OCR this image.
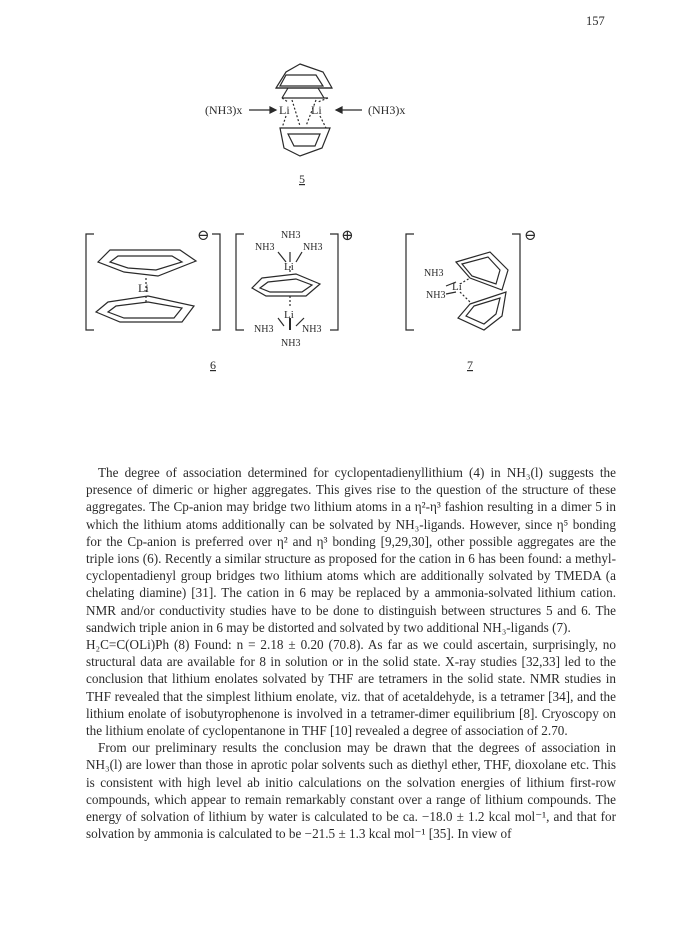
157
(NH3)x	(NH3)x
Li Li
5
Li
⊖	⊕
NH3
NH3	NH3
Li
Li
NH3	NH3
NH3
6
NH3
NH3
Li
⊖
7

The degree of association determined for cyclopentadienyllithium (4) in NH₃(l) suggests the presence of dimeric or higher aggregates. This gives rise to the question of the structure of these aggregates. The Cp-anion may bridge two lithium atoms in a η²-η³ fashion resulting in a dimer 5 in which the lithium atoms additionally can be solvated by NH₃-ligands. However, since η⁵ bonding for the Cp-anion is preferred over η² and η³ bonding [9,29,30], other possible aggregates are the triple ions (6). Recently a similar structure as proposed for the cation in 6 has been found: a methyl-cyclopentadienyl group bridges two lithium atoms which are additionally solvated by TMEDA (a chelating diamine) [31]. The cation in 6 may be replaced by a ammonia-solvated lithium cation. NMR and/or conductivity studies have to be done to distinguish between structures 5 and 6. The sandwich triple anion in 6 may be distorted and solvated by two additional NH₃-ligands (7).

H₂C=C(OLi)Ph (8) Found: n = 2.18 ± 0.20 (70.8). As far as we could ascertain, surprisingly, no structural data are available for 8 in solution or in the solid state. X-ray studies [32,33] led to the conclusion that lithium enolates solvated by THF are tetramers in the solid state. NMR studies in THF revealed that the simplest lithium enolate, viz. that of acetaldehyde, is a tetramer [34], and the lithium enolate of isobutyrophenone is involved in a tetramer-dimer equilibrium [8]. Cryoscopy on the lithium enolate of cyclopentanone in THF [10] revealed a degree of association of 2.70.

From our preliminary results the conclusion may be drawn that the degrees of association in NH₃(l) are lower than those in aprotic polar solvents such as diethyl ether, THF, dioxolane etc. This is consistent with high level ab initio calculations on the solvation energies of lithium first-row compounds, which appear to remain remarkably constant over a range of lithium compounds. The energy of solvation of lithium by water is calculated to be ca. −18.0 ± 1.2 kcal mol⁻¹, and that for solvation by ammonia is calculated to be −21.5 ± 1.3 kcal mol⁻¹ [35]. In view of
